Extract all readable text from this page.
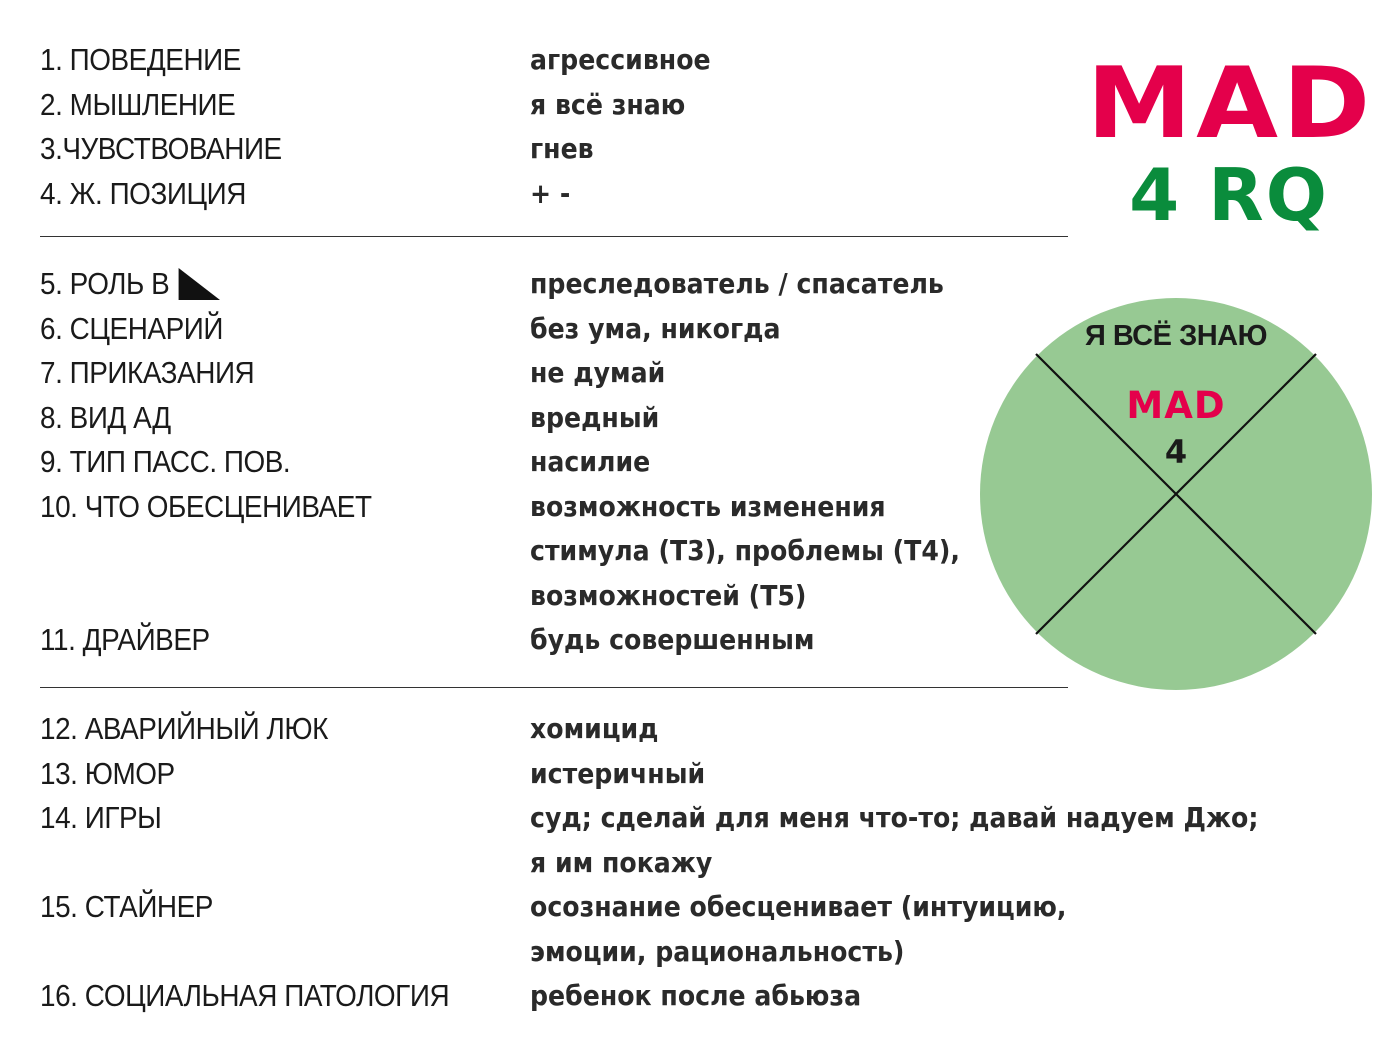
1. ПОВЕДЕНИЕ	агрессивное
2. МЫШЛЕНИЕ	я всё знаю
3.ЧУВСТВОВАНИЕ	гнев
4. Ж. ПОЗИЦИЯ	+ -
5. РОЛЬ В	преследователь / спасатель
6. СЦЕНАРИЙ	без ума, никогда
7. ПРИКАЗАНИЯ	не думай
8. ВИД АД	вредный
9. ТИП ПАСС. ПОВ.	насилие
10. ЧТО ОБЕСЦЕНИВАЕТ	возможность изменения
стимула (Т3), проблемы (Т4),
возможностей (Т5)
11. ДРАЙВЕР	будь совершенным
12. АВАРИЙНЫЙ ЛЮК	хомицид
13. ЮМОР	истеричный
14. ИГРЫ	суд; сделай для меня что-то; давай надуем Джо;
я им покажу
15. СТАЙНЕР	осознание обесценивает (интуицию,
эмоции, рациональность)
16. СОЦИАЛЬНАЯ ПАТОЛОГИЯ	ребенок после абьюза
MAD
4 RQ
Я ВСЁ ЗНАЮ
MAD
4
